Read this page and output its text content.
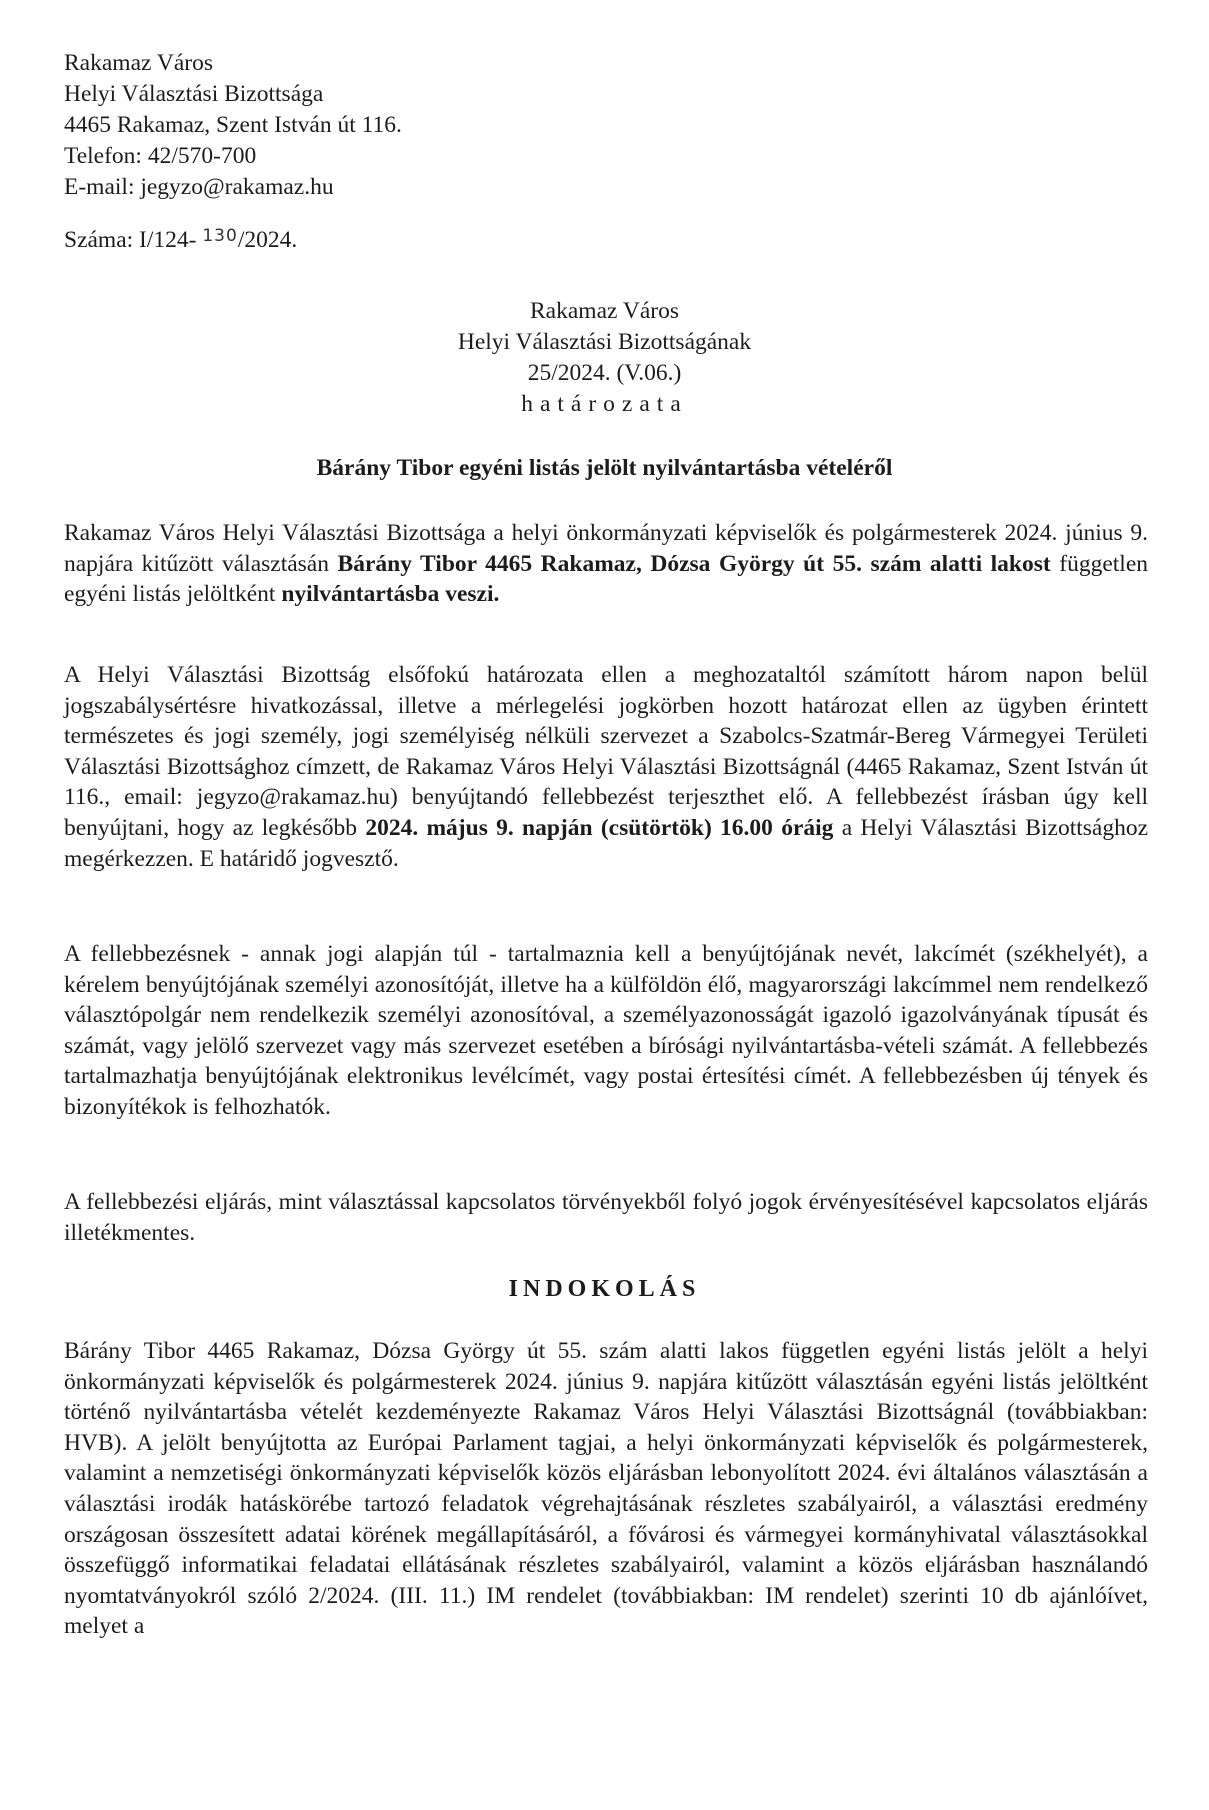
Rakamaz Város
Helyi Választási Bizottsága
4465 Rakamaz, Szent István út 116.
Telefon: 42/570-700
E-mail: jegyzo@rakamaz.hu
Száma: I/124- $^{130}$/2024.
Rakamaz Város
Helyi Választási Bizottságának
25/2024. (V.06.)
határozata
Bárány Tibor egyéni listás jelölt nyilvántartásba vételéről

Rakamaz Város Helyi Választási Bizottsága a helyi önkormányzati képviselők és polgármesterek 2024. június 9. napjára kitűzött választásán Bárány Tibor 4465 Rakamaz, Dózsa György út 55. szám alatti lakost független egyéni listás jelöltként nyilvántartásba veszi.

A Helyi Választási Bizottság elsőfokú határozata ellen a meghozataltól számított három napon belül jogszabálysértésre hivatkozással, illetve a mérlegelési jogkörben hozott határozat ellen az ügyben érintett természetes és jogi személy, jogi személyiség nélküli szervezet a Szabolcs-Szatmár-Bereg Vármegyei Területi Választási Bizottsághoz címzett, de Rakamaz Város Helyi Választási Bizottságnál (4465 Rakamaz, Szent István út 116., email: jegyzo@rakamaz.hu) benyújtandó fellebbezést terjeszthet elő. A fellebbezést írásban úgy kell benyújtani, hogy az legkésőbb 2024. május 9. napján (csütörtök) 16.00 óráig a Helyi Választási Bizottsághoz megérkezzen. E határidő jogvesztő.

A fellebbezésnek - annak jogi alapján túl - tartalmaznia kell a benyújtójának nevét, lakcímét (székhelyét), a kérelem benyújtójának személyi azonosítóját, illetve ha a külföldön élő, magyarországi lakcímmel nem rendelkező választópolgár nem rendelkezik személyi azonosítóval, a személyazonosságát igazoló igazolványának típusát és számát, vagy jelölő szervezet vagy más szervezet esetében a bírósági nyilvántartásba-vételi számát. A fellebbezés tartalmazhatja benyújtójának elektronikus levélcímét, vagy postai értesítési címét. A fellebbezésben új tények és bizonyítékok is felhozhatók.

A fellebbezési eljárás, mint választással kapcsolatos törvényekből folyó jogok érvényesítésével kapcsolatos eljárás illetékmentes.

INDOKOLÁS

Bárány Tibor 4465 Rakamaz, Dózsa György út 55. szám alatti lakos független egyéni listás jelölt a helyi önkormányzati képviselők és polgármesterek 2024. június 9. napjára kitűzött választásán egyéni listás jelöltként történő nyilvántartásba vételét kezdeményezte Rakamaz Város Helyi Választási Bizottságnál (továbbiakban: HVB). A jelölt benyújtotta az Európai Parlament tagjai, a helyi önkormányzati képviselők és polgármesterek, valamint a nemzetiségi önkormányzati képviselők közös eljárásban lebonyolított 2024. évi általános választásán a választási irodák hatáskörébe tartozó feladatok végrehajtásának részletes szabályairól, a választási eredmény országosan összesített adatai körének megállapításáról, a fővárosi és vármegyei kormányhivatal választásokkal összefüggő informatikai feladatai ellátásának részletes szabályairól, valamint a közös eljárásban használandó nyomtatványokról szóló 2/2024. (III. 11.) IM rendelet (továbbiakban: IM rendelet) szerinti 10 db ajánlóívet, melyet a
